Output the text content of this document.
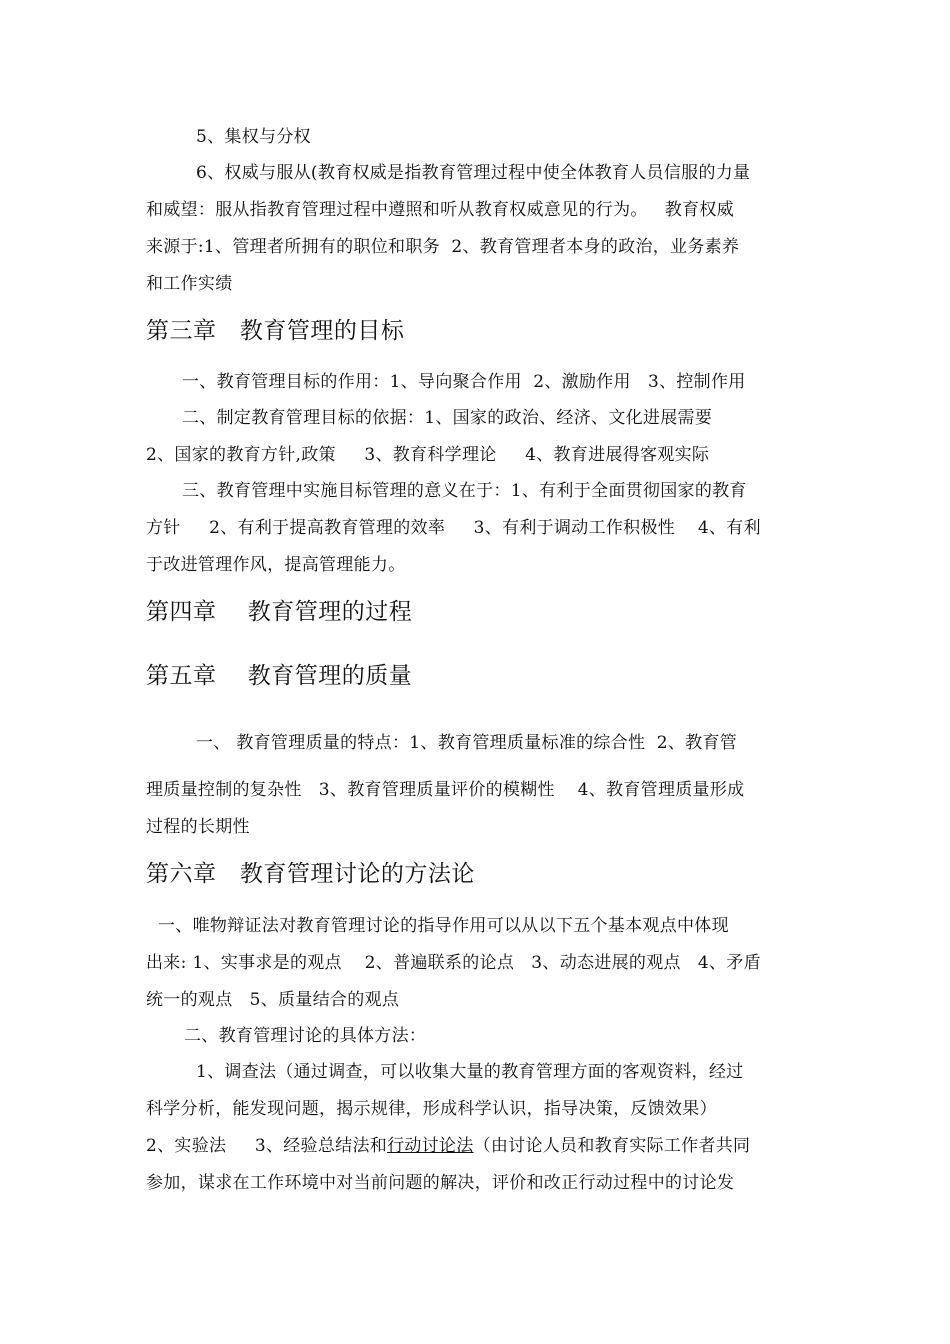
5、集权与分权
6、权威与服从(教育权威是指教育管理过程中使全体教育人员信服的力量
和威望：服从指教育管理过程中遵照和听从教育权威意见的行为。   教育权威
来源于:1、管理者所拥有的职位和职务  2、教育管理者本身的政治，业务素养
和工作实绩
第三章   教育管理的目标
一、教育管理目标的作用：1、导向聚合作用  2、激励作用   3、控制作用
二、制定教育管理目标的依据：1、国家的政治、经济、文化进展需要
2、国家的教育方针,政策     3、教育科学理论     4、教育进展得客观实际
三、教育管理中实施目标管理的意义在于：1、有利于全面贯彻国家的教育
方针     2、有利于提高教育管理的效率     3、有利于调动工作积极性    4、有利
于改进管理作风，提高管理能力。
第四章    教育管理的过程
第五章    教育管理的质量
一、 教育管理质量的特点：1、教育管理质量标准的综合性  2、教育管
理质量控制的复杂性   3、教育管理质量评价的模糊性    4、教育管理质量形成
过程的长期性
第六章   教育管理讨论的方法论
一、唯物辩证法对教育管理讨论的指导作用可以从以下五个基本观点中体现
出来: 1、实事求是的观点    2、普遍联系的论点   3、动态进展的观点   4、矛盾
统一的观点   5、质量结合的观点
二、教育管理讨论的具体方法：
1、调查法（通过调查，可以收集大量的教育管理方面的客观资料，经过
科学分析，能发现问题，揭示规律，形成科学认识，指导决策，反馈效果）
2、实验法     3、经验总结法和行动讨论法（由讨论人员和教育实际工作者共同
参加，谋求在工作环境中对当前问题的解决，评价和改正行动过程中的讨论发
